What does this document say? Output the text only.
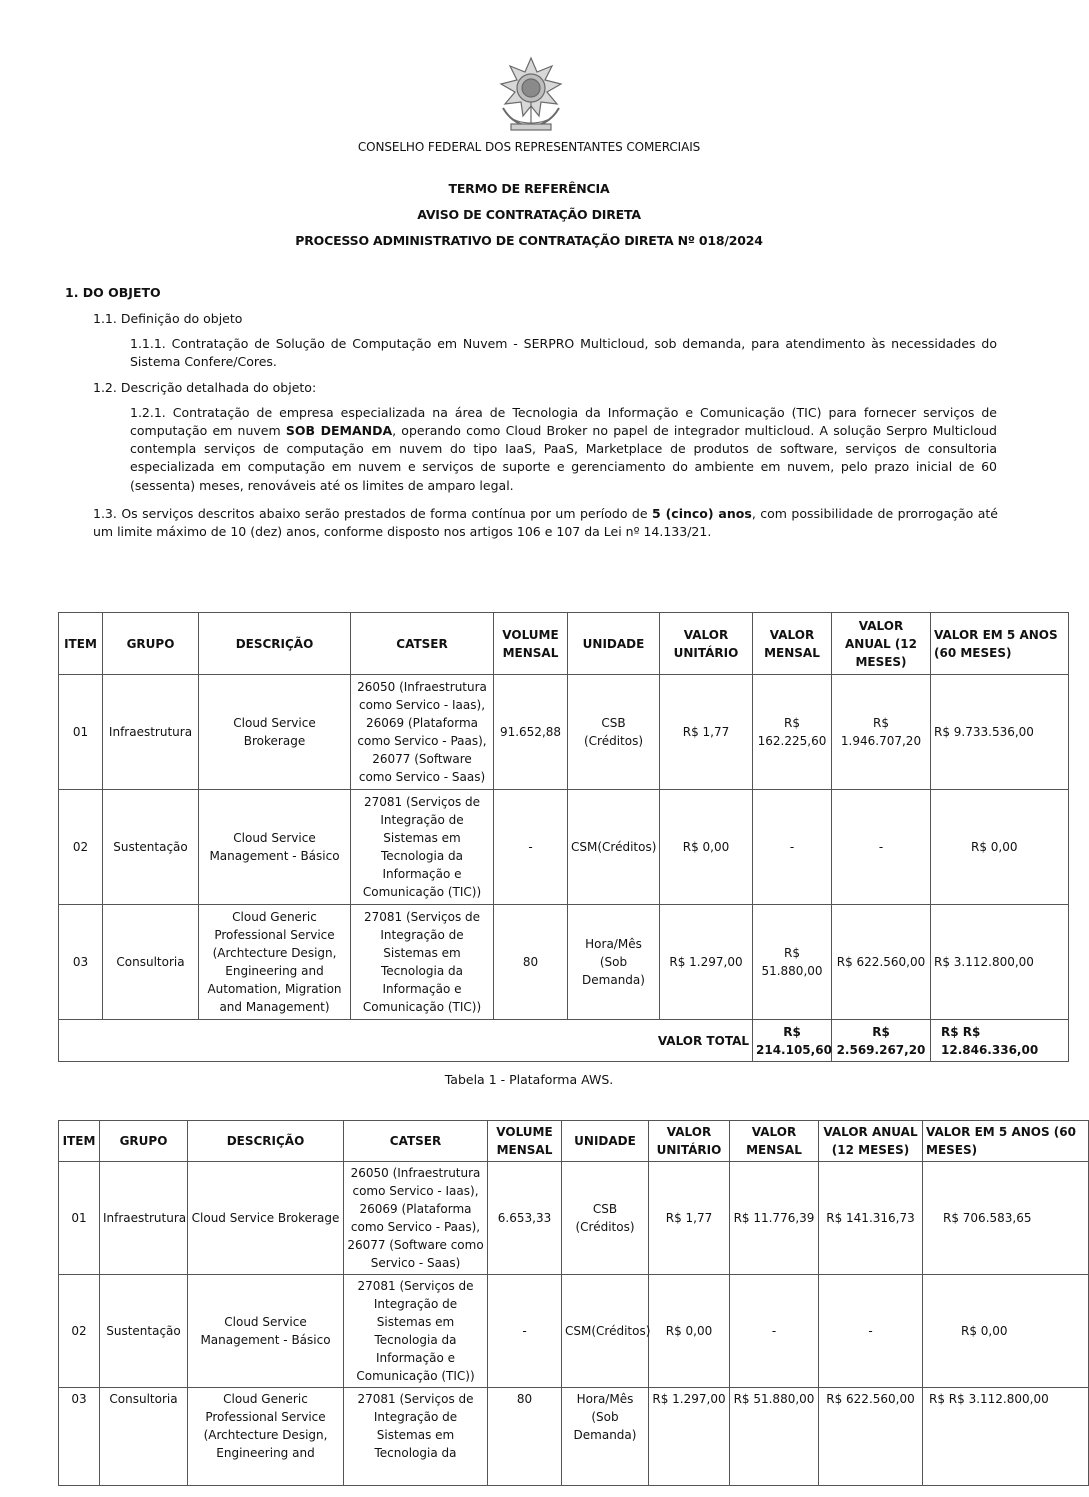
CONSELHO FEDERAL DOS REPRESENTANTES COMERCIAIS
TERMO DE REFERÊNCIA
AVISO DE CONTRATAÇÃO DIRETA
PROCESSO ADMINISTRATIVO DE CONTRATAÇÃO DIRETA Nº 018/2024
1. DO OBJETO
1.1. Definição do objeto
1.1.1. Contratação de Solução de Computação em Nuvem - SERPRO Multicloud, sob demanda, para atendimento às necessidades do Sistema Confere/Cores.
1.2. Descrição detalhada do objeto:
1.2.1. Contratação de empresa especializada na área de Tecnologia da Informação e Comunicação (TIC) para fornecer serviços de computação em nuvem SOB DEMANDA, operando como Cloud Broker no papel de integrador multicloud. A solução Serpro Multicloud contempla serviços de computação em nuvem do tipo IaaS, PaaS, Marketplace de produtos de software, serviços de consultoria especializada em computação em nuvem e serviços de suporte e gerenciamento do ambiente em nuvem, pelo prazo inicial de 60 (sessenta) meses, renováveis até os limites de amparo legal.
1.3. Os serviços descritos abaixo serão prestados de forma contínua por um período de 5 (cinco) anos, com possibilidade de prorrogação até um limite máximo de 10 (dez) anos, conforme disposto nos artigos 106 e 107 da Lei nº 14.133/21.
ITEM	GRUPO	DESCRIÇÃO	CATSER	VOLUME MENSAL	UNIDADE	VALOR UNITÁRIO	VALOR MENSAL	VALOR ANUAL (12 MESES)	VALOR EM 5 ANOS (60 MESES)
01	Infraestrutura	Cloud Service Brokerage	26050 (Infraestrutura como Servico - Iaas), 26069 (Plataforma como Servico - Paas), 26077 (Software como Servico - Saas)	91.652,88	CSB (Créditos)	R$ 1,77	R$ 162.225,60	R$ 1.946.707,20	R$ 9.733.536,00
02	Sustentação	Cloud Service Management - Básico	27081 (Serviços de Integração de Sistemas em Tecnologia da Informação e Comunicação (TIC))	-	CSM(Créditos)	R$ 0,00	-	-	R$ 0,00
03	Consultoria	Cloud Generic Professional Service (Archtecture Design, Engineering and Automation, Migration and Management)	27081 (Serviços de Integração de Sistemas em Tecnologia da Informação e Comunicação (TIC))	80	Hora/Mês (Sob Demanda)	R$ 1.297,00	R$ 51.880,00	R$ 622.560,00	R$ 3.112.800,00
VALOR TOTAL							R$ 214.105,60	R$ 2.569.267,20	R$ R$ 12.846.336,00
Tabela 1 - Plataforma AWS.
ITEM	GRUPO	DESCRIÇÃO	CATSER	VOLUME MENSAL	UNIDADE	VALOR UNITÁRIO	VALOR MENSAL	VALOR ANUAL (12 MESES)	VALOR EM 5 ANOS (60 MESES)
01	Infraestrutura	Cloud Service Brokerage	26050 (Infraestrutura como Servico - Iaas), 26069 (Plataforma como Servico - Paas), 26077 (Software como Servico - Saas)	6.653,33	CSB (Créditos)	R$ 1,77	R$ 11.776,39	R$ 141.316,73	R$ 706.583,65
02	Sustentação	Cloud Service Management - Básico	27081 (Serviços de Integração de Sistemas em Tecnologia da Informação e Comunicação (TIC))	-	CSM(Créditos)	R$ 0,00	-	-	R$ 0,00
03	Consultoria	Cloud Generic Professional Service (Archtecture Design, Engineering and	27081 (Serviços de Integração de Sistemas em Tecnologia da	80	Hora/Mês (Sob Demanda)	R$ 1.297,00	R$ 51.880,00	R$ 622.560,00	R$ R$ 3.112.800,00
